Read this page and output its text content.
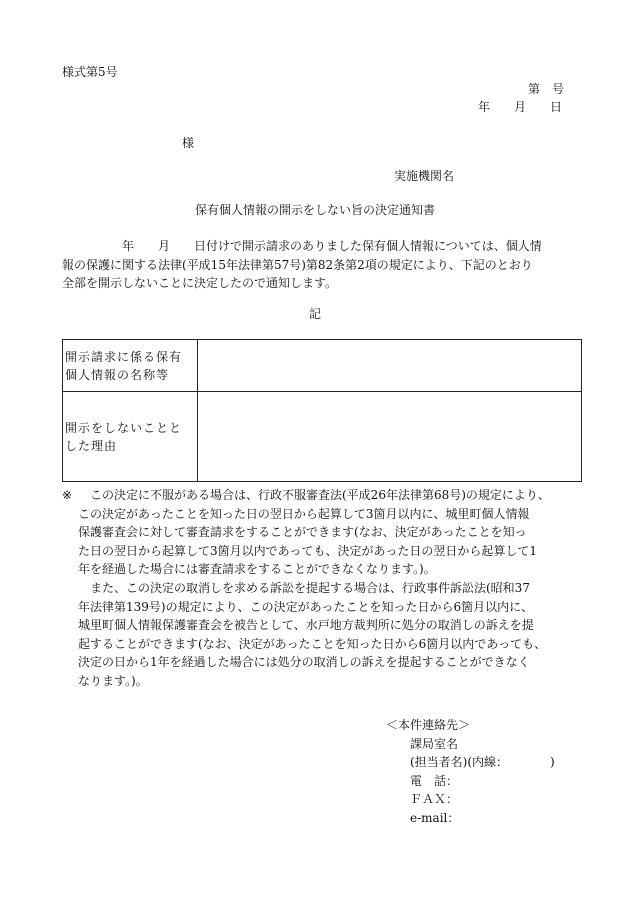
様式第5号
第　号
年　　月　　日
様
実施機関名
保有個人情報の開示をしない旨の決定通知書

　　　　　年　　月　　日付けで開示請求のありました保有個人情報については、個人情

報の保護に関する法律(平成15年法律第57号)第82条第2項の規定により、下記のとおり

全部を開示しないことに決定したので通知します。

記
開示請求に係る保有
個人情報の名称等	
開示をしないことと
した理由	
※ 　この決定に不服がある場合は、行政不服審査法(平成26年法律第68号)の規定により、

この決定があったことを知った日の翌日から起算して3箇月以内に、城里町個人情報

保護審査会に対して審査請求をすることができます(なお、決定があったことを知っ

た日の翌日から起算して3箇月以内であっても、決定があった日の翌日から起算して1

年を経過した場合には審査請求をすることができなくなります。)。

　また、この決定の取消しを求める訴訟を提起する場合は、行政事件訴訟法(昭和37

年法律第139号)の規定により、この決定があったことを知った日から6箇月以内に、

城里町個人情報保護審査会を被告として、水戸地方裁判所に処分の取消しの訴えを提

起することができます(なお、決定があったことを知った日から6箇月以内であっても、

決定の日から1年を経過した場合には処分の取消しの訴えを提起することができなく

なります。)。

＜本件連絡先＞

課局室名

(担当者名)(内線：　　　　)

電　話：

ＦＡＸ：

e-mail：
